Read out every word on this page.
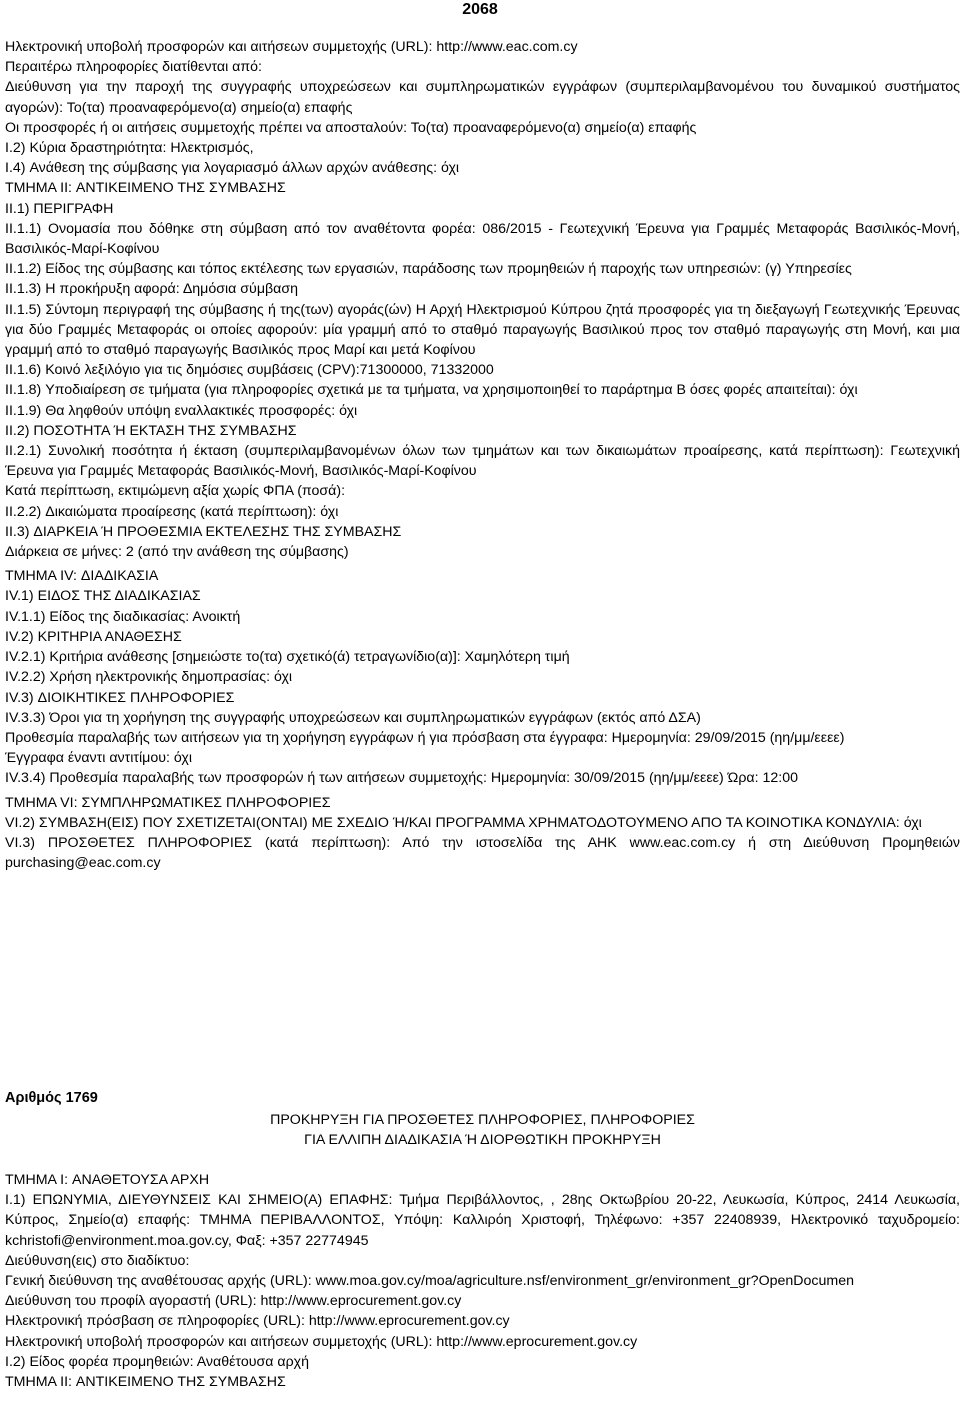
2068

Ηλεκτρονική υποβολή προσφορών και αιτήσεων συμμετοχής (URL): http://www.eac.com.cy

Περαιτέρω πληροφορίες διατίθενται από:

Διεύθυνση για την παροχή της συγγραφής υποχρεώσεων και συμπληρωματικών εγγράφων (συμπεριλαμβανομένου του δυναμικού συστήματος αγορών): Το(τα) προαναφερόμενο(α) σημείο(α) επαφής

Οι προσφορές ή οι αιτήσεις συμμετοχής πρέπει να αποσταλούν: Το(τα) προαναφερόμενο(α) σημείο(α) επαφής

I.2) Κύρια δραστηριότητα: Ηλεκτρισμός,

I.4) Ανάθεση της σύμβασης για λογαριασμό άλλων αρχών ανάθεσης: όχι

ΤΜΗΜΑ II: ΑΝΤΙΚΕΙΜΕΝΟ ΤΗΣ ΣΥΜΒΑΣΗΣ

II.1) ΠΕΡΙΓΡΑΦΗ

II.1.1) Ονομασία που δόθηκε στη σύμβαση από τον αναθέτοντα φορέα: 086/2015 - Γεωτεχνική Έρευνα για Γραμμές Μεταφοράς Βασιλικός-Μονή, Βασιλικός-Μαρί-Κοφίνου

II.1.2) Είδος της σύμβασης και τόπος εκτέλεσης των εργασιών, παράδοσης των προμηθειών ή παροχής των υπηρεσιών: (γ) Υπηρεσίες

II.1.3) Η προκήρυξη αφορά: Δημόσια σύμβαση

II.1.5) Σύντομη περιγραφή της σύμβασης ή της(των) αγοράς(ών) Η Αρχή Ηλεκτρισμού Κύπρου ζητά προσφορές για τη διεξαγωγή Γεωτεχνικής Έρευνας για δύο Γραμμές Μεταφοράς οι οποίες αφορούν: μία γραμμή από το σταθμό παραγωγής Βασιλικού προς τον σταθμό παραγωγής στη Μονή, και μια γραμμή από το σταθμό παραγωγής Βασιλικός προς Μαρί και μετά Κοφίνου

II.1.6) Κοινό λεξιλόγιο για τις δημόσιες συμβάσεις (CPV):71300000, 71332000

II.1.8) Υποδιαίρεση σε τμήματα (για πληροφορίες σχετικά με τα τμήματα, να χρησιμοποιηθεί το παράρτημα B όσες φορές απαιτείται): όχι

II.1.9) Θα ληφθούν υπόψη εναλλακτικές προσφορές: όχι

II.2) ΠΟΣΟΤΗΤΑ Ή ΕΚΤΑΣΗ ΤΗΣ ΣΥΜΒΑΣΗΣ

II.2.1) Συνολική ποσότητα ή έκταση (συμπεριλαμβανομένων όλων των τμημάτων και των δικαιωμάτων προαίρεσης, κατά περίπτωση): Γεωτεχνική Έρευνα για Γραμμές Μεταφοράς Βασιλικός-Μονή, Βασιλικός-Μαρί-Κοφίνου

Κατά περίπτωση, εκτιμώμενη αξία χωρίς ΦΠΑ (ποσά):

II.2.2) Δικαιώματα προαίρεσης (κατά περίπτωση): όχι

II.3) ΔΙΑΡΚΕΙΑ Ή ΠΡΟΘΕΣΜΙΑ ΕΚΤΕΛΕΣΗΣ ΤΗΣ ΣΥΜΒΑΣΗΣ

Διάρκεια σε μήνες: 2 (από την ανάθεση της σύμβασης)

ΤΜΗΜΑ IV: ΔΙΑΔΙΚΑΣΙΑ

IV.1) ΕΙΔΟΣ ΤΗΣ ΔΙΑΔΙΚΑΣΙΑΣ

IV.1.1) Είδος της διαδικασίας: Ανοικτή

IV.2) ΚΡΙΤΗΡΙΑ ΑΝΑΘΕΣΗΣ

IV.2.1) Κριτήρια ανάθεσης [σημειώστε το(τα) σχετικό(ά) τετραγωνίδιο(α)]: Χαμηλότερη τιμή

IV.2.2) Χρήση ηλεκτρονικής δημοπρασίας: όχι

IV.3) ΔΙΟΙΚΗΤΙΚΕΣ ΠΛΗΡΟΦΟΡΙΕΣ

IV.3.3) Όροι για τη χορήγηση της συγγραφής υποχρεώσεων και συμπληρωματικών εγγράφων (εκτός από ΔΣΑ)

Προθεσμία παραλαβής των αιτήσεων για τη χορήγηση εγγράφων ή για πρόσβαση στα έγγραφα: Ημερομηνία: 29/09/2015 (ηη/μμ/εεεε)

Έγγραφα έναντι αντιτίμου: όχι

IV.3.4) Προθεσμία παραλαβής των προσφορών ή των αιτήσεων συμμετοχής: Ημερομηνία: 30/09/2015 (ηη/μμ/εεεε) Ώρα: 12:00

ΤΜΗΜΑ VI: ΣΥΜΠΛΗΡΩΜΑΤΙΚΕΣ ΠΛΗΡΟΦΟΡΙΕΣ

VI.2) ΣΥΜΒΑΣΗ(ΕΙΣ) ΠΟΥ ΣΧΕΤΙΖΕΤΑΙ(ΟΝΤΑΙ) ΜΕ ΣΧΕΔΙΟ Ή/ΚΑΙ ΠΡΟΓΡΑΜΜΑ ΧΡΗΜΑΤΟΔΟΤΟΥΜΕΝΟ ΑΠΟ ΤΑ ΚΟΙΝΟΤΙΚΑ ΚΟΝΔΥΛΙΑ: όχι

VI.3) ΠΡΟΣΘΕΤΕΣ ΠΛΗΡΟΦΟΡΙΕΣ (κατά περίπτωση): Από την ιστοσελίδα της ΑΗΚ www.eac.com.cy ή στη Διεύθυνση Προμηθειών purchasing@eac.com.cy

Αριθμός 1769

ΠΡΟΚΗΡΥΞΗ ΓΙΑ ΠΡΟΣΘΕΤΕΣ ΠΛΗΡΟΦΟΡΙΕΣ, ΠΛΗΡΟΦΟΡΙΕΣ

ΓΙΑ ΕΛΛΙΠΗ ΔΙΑΔΙΚΑΣΙΑ Ή ΔΙΟΡΘΩΤΙΚΗ ΠΡΟΚΗΡΥΞΗ

ΤΜΗΜΑ I: ΑΝΑΘΕΤΟΥΣΑ ΑΡΧΗ

I.1) ΕΠΩΝΥΜΙΑ, ΔΙΕΥΘΥΝΣΕΙΣ ΚΑΙ ΣΗΜΕΙΟ(Α) ΕΠΑΦΗΣ: Τμήμα Περιβάλλοντος, , 28ης Οκτωβρίου 20-22, Λευκωσία, Κύπρος, 2414 Λευκωσία, Κύπρος, Σημείο(α) επαφής: ΤΜΗΜΑ ΠΕΡΙΒΑΛΛΟΝΤΟΣ, Υπόψη: Καλλιρόη Χριστοφή, Τηλέφωνο: +357 22408939, Ηλεκτρονικό ταχυδρομείο: kchristofi@environment.moa.gov.cy, Φαξ: +357 22774945

Διεύθυνση(εις) στο διαδίκτυο:

Γενική διεύθυνση της αναθέτουσας αρχής (URL): www.moa.gov.cy/moa/agriculture.nsf/environment_gr/environment_gr?OpenDocumen

Διεύθυνση του προφίλ αγοραστή (URL): http://www.eprocurement.gov.cy

Ηλεκτρονική πρόσβαση σε πληροφορίες (URL): http://www.eprocurement.gov.cy

Ηλεκτρονική υποβολή προσφορών και αιτήσεων συμμετοχής (URL): http://www.eprocurement.gov.cy

I.2) Είδος φορέα προμηθειών: Αναθέτουσα αρχή

ΤΜΗΜΑ II: ΑΝΤΙΚΕΙΜΕΝΟ ΤΗΣ ΣΥΜΒΑΣΗΣ
